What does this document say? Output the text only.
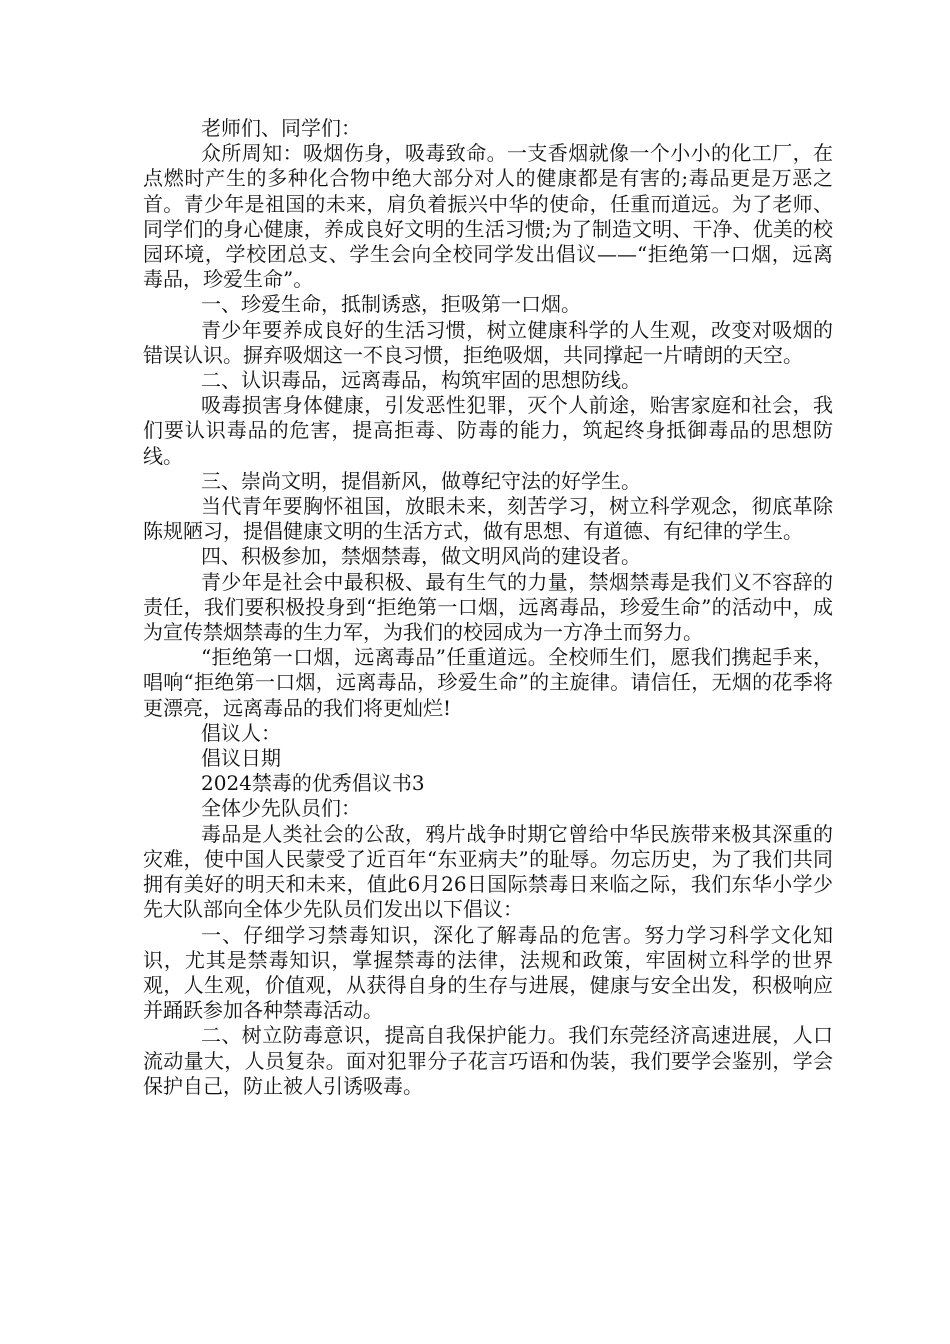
老师们、同学们：

众所周知：吸烟伤身，吸毒致命。一支香烟就像一个小小的化工厂，在点燃时产生的多种化合物中绝大部分对人的健康都是有害的;毒品更是万恶之首。青少年是祖国的未来，肩负着振兴中华的使命，任重而道远。为了老师、同学们的身心健康，养成良好文明的生活习惯;为了制造文明、干净、优美的校园环境，学校团总支、学生会向全校同学发出倡议——“拒绝第一口烟，远离毒品，珍爱生命”。

一、珍爱生命，抵制诱惑，拒吸第一口烟。

青少年要养成良好的生活习惯，树立健康科学的人生观，改变对吸烟的错误认识。摒弃吸烟这一不良习惯，拒绝吸烟，共同撑起一片晴朗的天空。

二、认识毒品，远离毒品，构筑牢固的思想防线。

吸毒损害身体健康，引发恶性犯罪，灭个人前途，贻害家庭和社会，我们要认识毒品的危害，提高拒毒、防毒的能力，筑起终身抵御毒品的思想防线。

三、崇尚文明，提倡新风，做尊纪守法的好学生。

当代青年要胸怀祖国，放眼未来，刻苦学习，树立科学观念，彻底革除陈规陋习，提倡健康文明的生活方式，做有思想、有道德、有纪律的学生。

四、积极参加，禁烟禁毒，做文明风尚的建设者。

青少年是社会中最积极、最有生气的力量，禁烟禁毒是我们义不容辞的责任，我们要积极投身到“拒绝第一口烟，远离毒品，珍爱生命”的活动中，成为宣传禁烟禁毒的生力军，为我们的校园成为一方净土而努力。

“拒绝第一口烟，远离毒品”任重道远。全校师生们，愿我们携起手来，唱响“拒绝第一口烟，远离毒品，珍爱生命”的主旋律。请信任，无烟的花季将更漂亮，远离毒品的我们将更灿烂!

倡议人：

倡议日期

2024禁毒的优秀倡议书3

全体少先队员们：

毒品是人类社会的公敌，鸦片战争时期它曾给中华民族带来极其深重的灾难，使中国人民蒙受了近百年“东亚病夫”的耻辱。勿忘历史，为了我们共同拥有美好的明天和未来，值此6月26日国际禁毒日来临之际，我们东华小学少先大队部向全体少先队员们发出以下倡议：

一、仔细学习禁毒知识，深化了解毒品的危害。努力学习科学文化知识，尤其是禁毒知识，掌握禁毒的法律，法规和政策，牢固树立科学的世界观，人生观，价值观，从获得自身的生存与进展，健康与安全出发，积极响应并踊跃参加各种禁毒活动。

二、树立防毒意识，提高自我保护能力。我们东莞经济高速进展，人口流动量大，人员复杂。面对犯罪分子花言巧语和伪装，我们要学会鉴别，学会保护自己，防止被人引诱吸毒。
